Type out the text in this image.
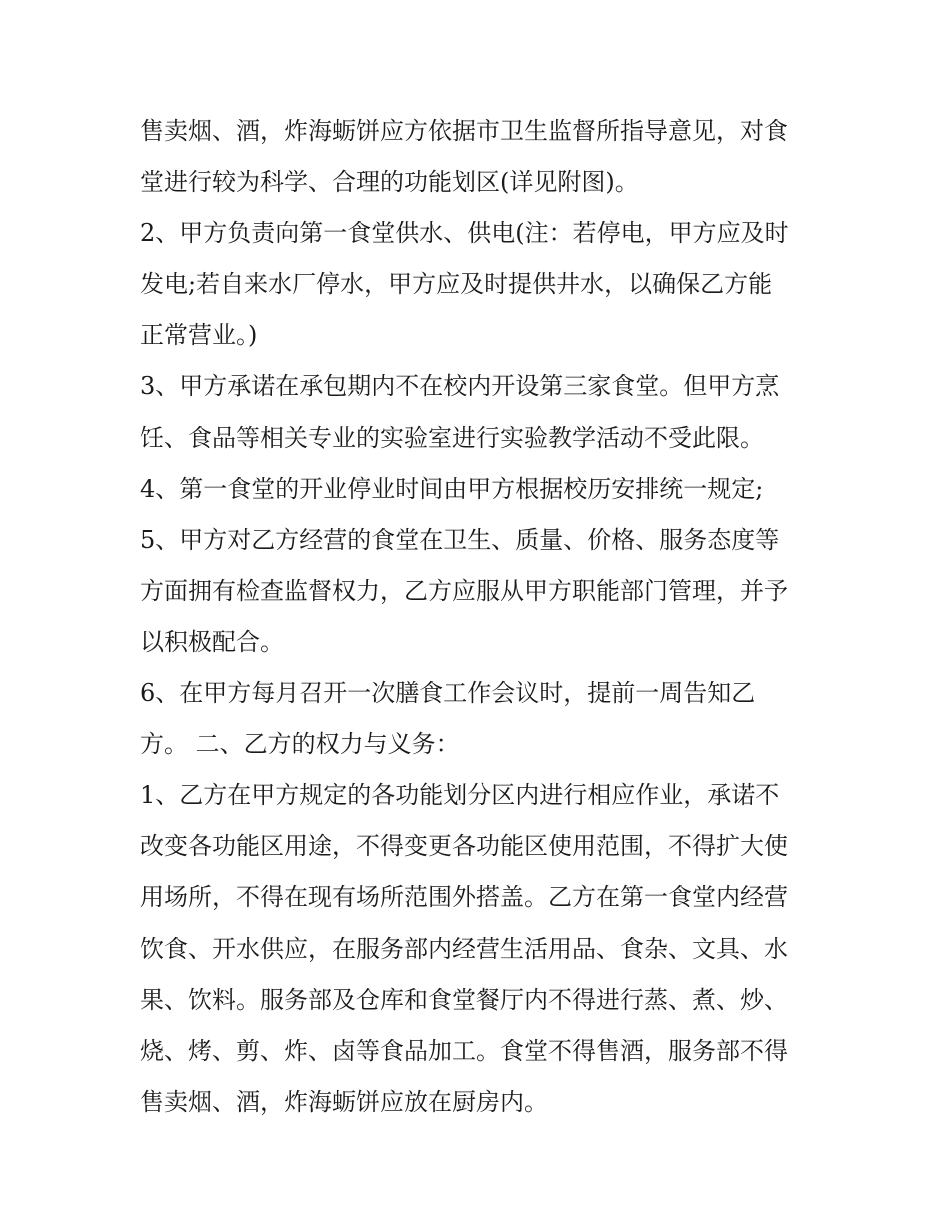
售卖烟、酒，炸海蛎饼应方依据市卫生监督所指导意见，对食
堂进行较为科学、合理的功能划区(详见附图)。
2、甲方负责向第一食堂供水、供电(注：若停电，甲方应及时
发电;若自来水厂停水，甲方应及时提供井水，以确保乙方能
正常营业。)
3、甲方承诺在承包期内不在校内开设第三家食堂。但甲方烹
饪、食品等相关专业的实验室进行实验教学活动不受此限。
4、第一食堂的开业停业时间由甲方根据校历安排统一规定;
5、甲方对乙方经营的食堂在卫生、质量、价格、服务态度等
方面拥有检查监督权力，乙方应服从甲方职能部门管理，并予
以积极配合。
6、在甲方每月召开一次膳食工作会议时，提前一周告知乙
方。 二、乙方的权力与义务：
1、乙方在甲方规定的各功能划分区内进行相应作业，承诺不
改变各功能区用途，不得变更各功能区使用范围，不得扩大使
用场所，不得在现有场所范围外搭盖。乙方在第一食堂内经营
饮食、开水供应，在服务部内经营生活用品、食杂、文具、水
果、饮料。服务部及仓库和食堂餐厅内不得进行蒸、煮、炒、
烧、烤、剪、炸、卤等食品加工。食堂不得售酒，服务部不得
售卖烟、酒，炸海蛎饼应放在厨房内。
